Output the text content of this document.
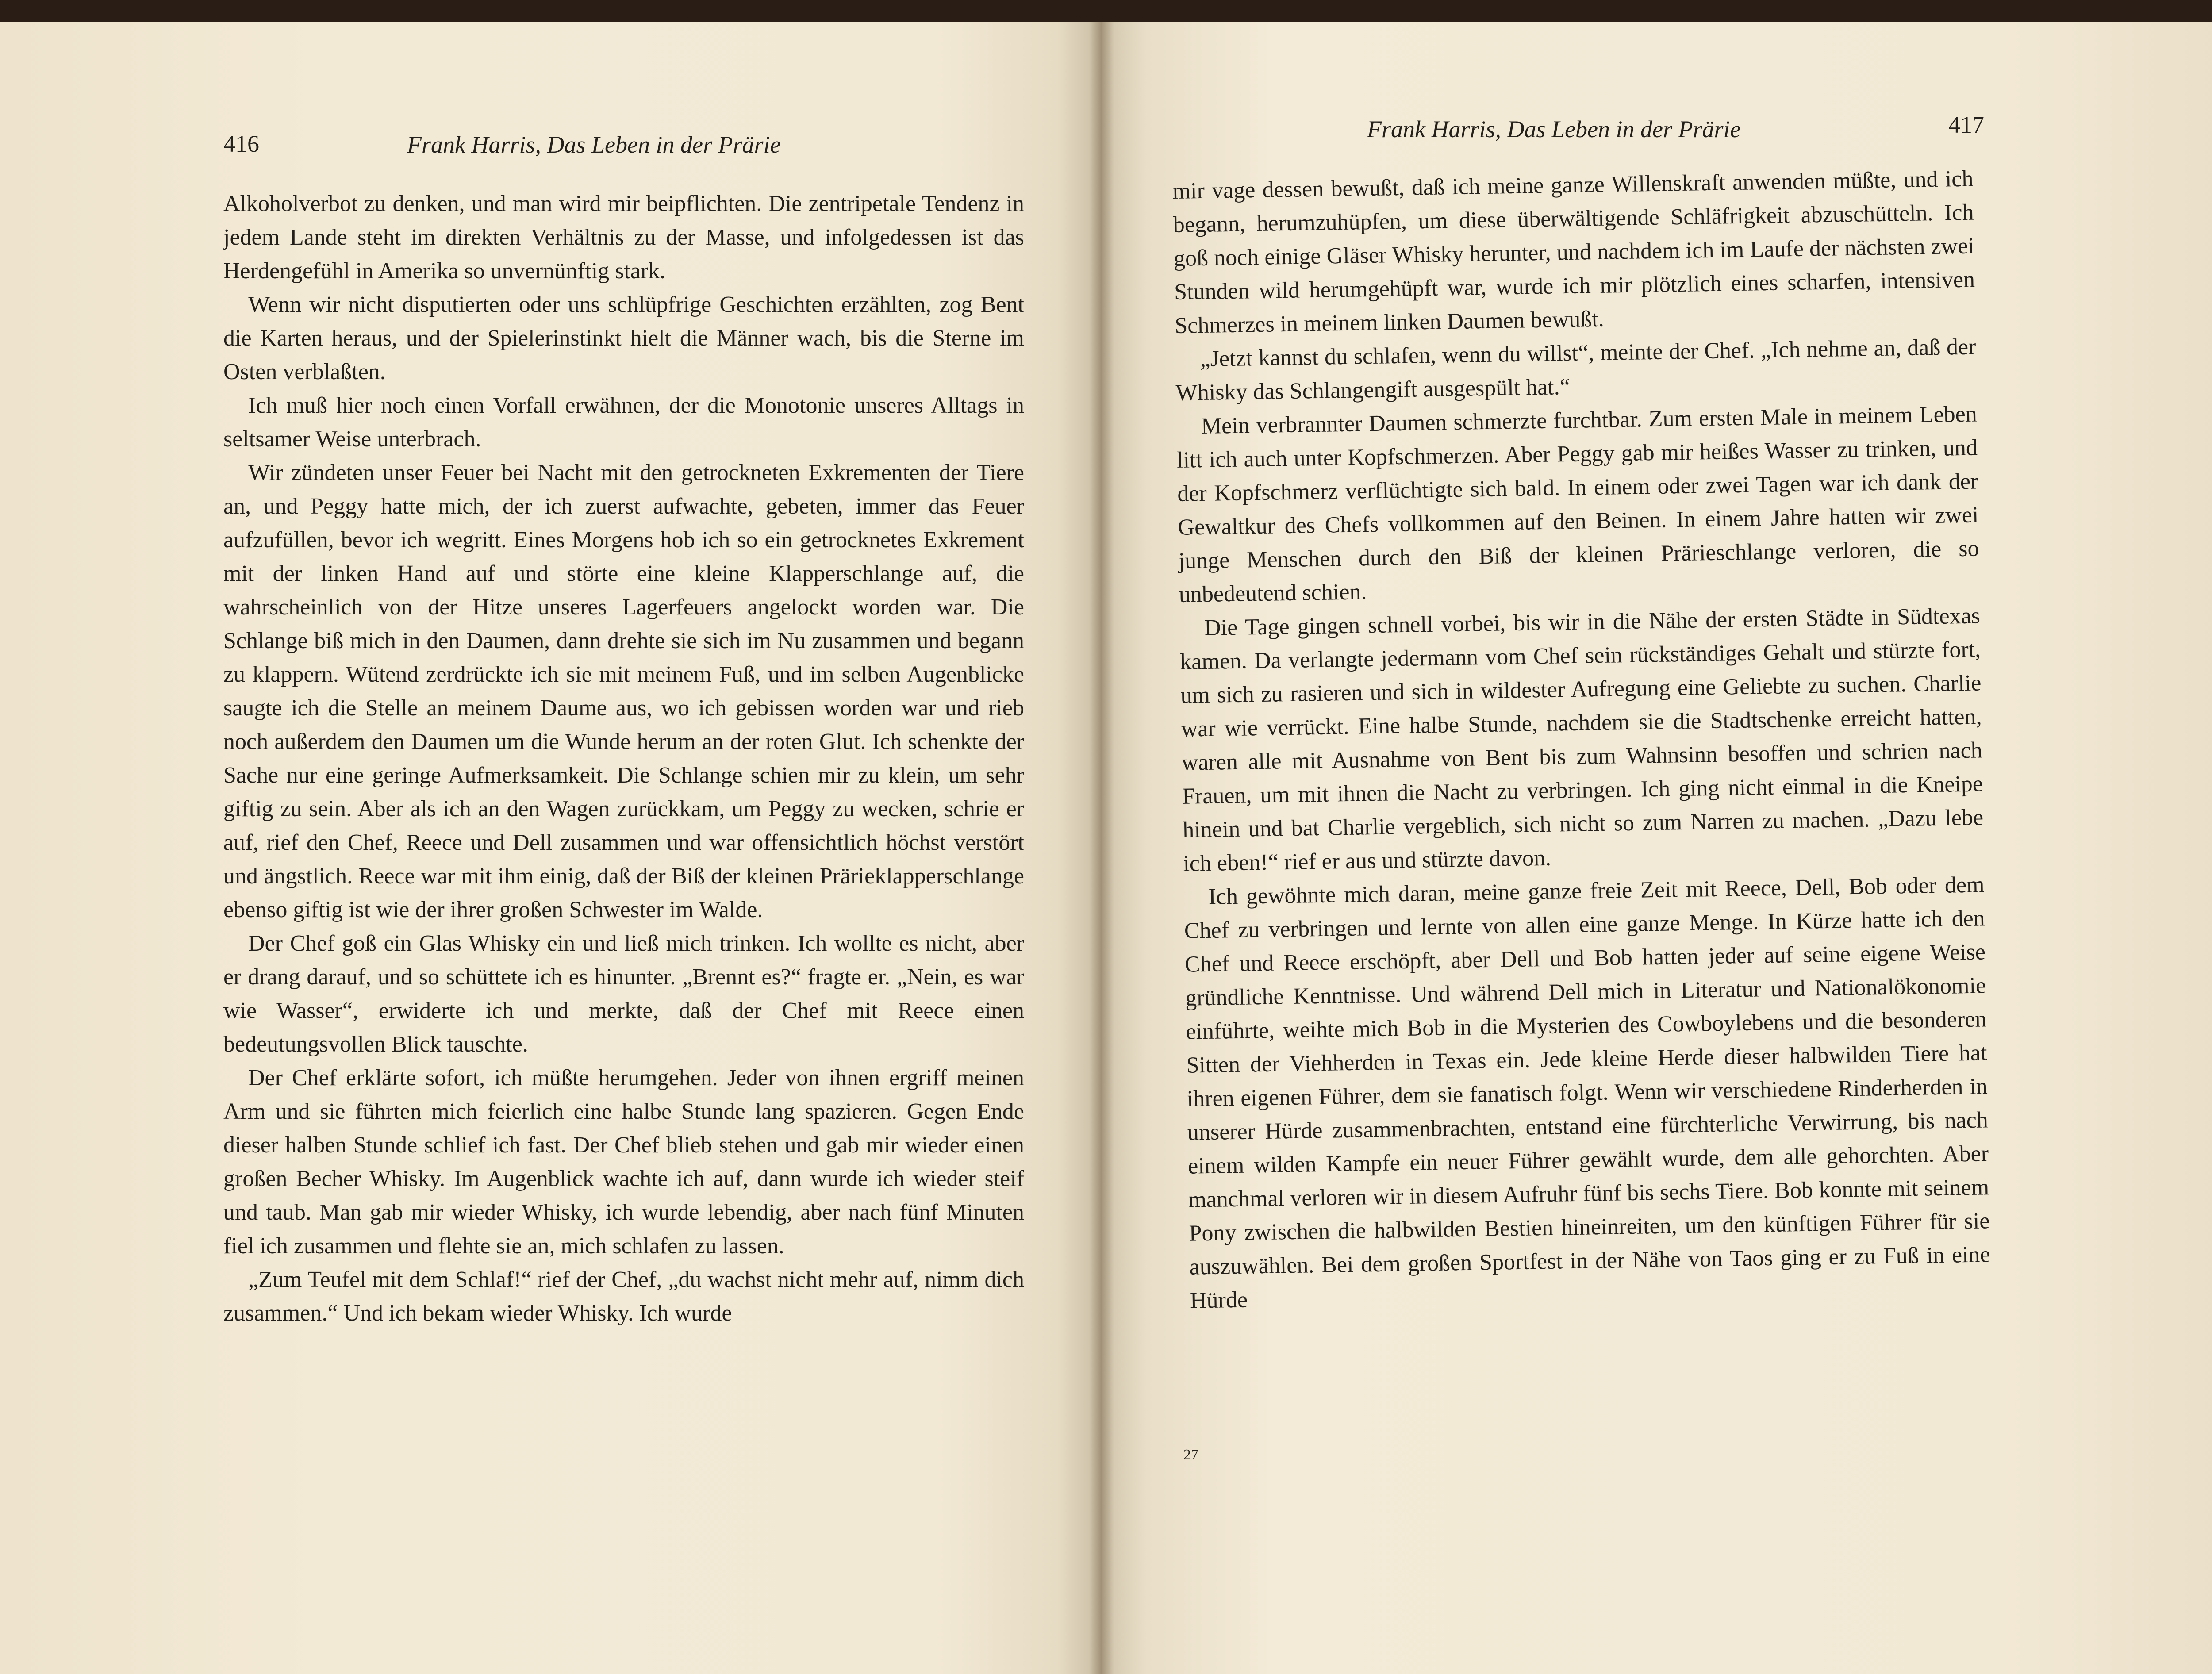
416	Frank Harris, Das Leben in der Prärie

Alkoholverbot zu denken, und man wird mir beipflichten. Die zentripetale Tendenz in jedem Lande steht im direkten Verhältnis zu der Masse, und infolgedessen ist das Herdengefühl in Amerika so unvernünftig stark.

Wenn wir nicht disputierten oder uns schlüpfrige Geschichten erzählten, zog Bent die Karten heraus, und der Spielerinstinkt hielt die Männer wach, bis die Sterne im Osten verblaßten.

Ich muß hier noch einen Vorfall erwähnen, der die Monotonie unseres Alltags in seltsamer Weise unterbrach.

Wir zündeten unser Feuer bei Nacht mit den getrockneten Exkrementen der Tiere an, und Peggy hatte mich, der ich zuerst aufwachte, gebeten, immer das Feuer aufzufüllen, bevor ich wegritt. Eines Morgens hob ich so ein getrocknetes Exkrement mit der linken Hand auf und störte eine kleine Klapperschlange auf, die wahrscheinlich von der Hitze unseres Lagerfeuers angelockt worden war. Die Schlange biß mich in den Daumen, dann drehte sie sich im Nu zusammen und begann zu klappern. Wütend zerdrückte ich sie mit meinem Fuß, und im selben Augenblicke saugte ich die Stelle an meinem Daume aus, wo ich gebissen worden war und rieb noch außerdem den Daumen um die Wunde herum an der roten Glut. Ich schenkte der Sache nur eine geringe Aufmerksamkeit. Die Schlange schien mir zu klein, um sehr giftig zu sein. Aber als ich an den Wagen zurückkam, um Peggy zu wecken, schrie er auf, rief den Chef, Reece und Dell zusammen und war offensichtlich höchst verstört und ängstlich. Reece war mit ihm einig, daß der Biß der kleinen Prärieklapperschlange ebenso giftig ist wie der ihrer großen Schwester im Walde.

Der Chef goß ein Glas Whisky ein und ließ mich trinken. Ich wollte es nicht, aber er drang darauf, und so schüttete ich es hinunter. „Brennt es?“ fragte er. „Nein, es war wie Wasser“, erwiderte ich und merkte, daß der Chef mit Reece einen bedeutungsvollen Blick tauschte.

Der Chef erklärte sofort, ich müßte herumgehen. Jeder von ihnen ergriff meinen Arm und sie führten mich feierlich eine halbe Stunde lang spazieren. Gegen Ende dieser halben Stunde schlief ich fast. Der Chef blieb stehen und gab mir wieder einen großen Becher Whisky. Im Augenblick wachte ich auf, dann wurde ich wieder steif und taub. Man gab mir wieder Whisky, ich wurde lebendig, aber nach fünf Minuten fiel ich zusammen und flehte sie an, mich schlafen zu lassen.

„Zum Teufel mit dem Schlaf!“ rief der Chef, „du wachst nicht mehr auf, nimm dich zusammen.“ Und ich bekam wieder Whisky. Ich wurde

Frank Harris, Das Leben in der Prärie	417

mir vage dessen bewußt, daß ich meine ganze Willenskraft anwenden müßte, und ich begann, herumzuhüpfen, um diese überwältigende Schläfrigkeit abzuschütteln. Ich goß noch einige Gläser Whisky herunter, und nachdem ich im Laufe der nächsten zwei Stunden wild herumgehüpft war, wurde ich mir plötzlich eines scharfen, intensiven Schmerzes in meinem linken Daumen bewußt.

„Jetzt kannst du schlafen, wenn du willst“, meinte der Chef. „Ich nehme an, daß der Whisky das Schlangengift ausgespült hat.“

Mein verbrannter Daumen schmerzte furchtbar. Zum ersten Male in meinem Leben litt ich auch unter Kopfschmerzen. Aber Peggy gab mir heißes Wasser zu trinken, und der Kopfschmerz verflüchtigte sich bald. In einem oder zwei Tagen war ich dank der Gewaltkur des Chefs vollkommen auf den Beinen. In einem Jahre hatten wir zwei junge Menschen durch den Biß der kleinen Prärieschlange verloren, die so unbedeutend schien.

Die Tage gingen schnell vorbei, bis wir in die Nähe der ersten Städte in Südtexas kamen. Da verlangte jedermann vom Chef sein rückständiges Gehalt und stürzte fort, um sich zu rasieren und sich in wildester Aufregung eine Geliebte zu suchen. Charlie war wie verrückt. Eine halbe Stunde, nachdem sie die Stadtschenke erreicht hatten, waren alle mit Ausnahme von Bent bis zum Wahnsinn besoffen und schrien nach Frauen, um mit ihnen die Nacht zu verbringen. Ich ging nicht einmal in die Kneipe hinein und bat Charlie vergeblich, sich nicht so zum Narren zu machen. „Dazu lebe ich eben!“ rief er aus und stürzte davon.

Ich gewöhnte mich daran, meine ganze freie Zeit mit Reece, Dell, Bob oder dem Chef zu verbringen und lernte von allen eine ganze Menge. In Kürze hatte ich den Chef und Reece erschöpft, aber Dell und Bob hatten jeder auf seine eigene Weise gründliche Kenntnisse. Und während Dell mich in Literatur und Nationalökonomie einführte, weihte mich Bob in die Mysterien des Cowboylebens und die besonderen Sitten der Viehherden in Texas ein. Jede kleine Herde dieser halbwilden Tiere hat ihren eigenen Führer, dem sie fanatisch folgt. Wenn wir verschiedene Rinderherden in unserer Hürde zusammenbrachten, entstand eine fürchterliche Verwirrung, bis nach einem wilden Kampfe ein neuer Führer gewählt wurde, dem alle gehorchten. Aber manchmal verloren wir in diesem Aufruhr fünf bis sechs Tiere. Bob konnte mit seinem Pony zwischen die halbwilden Bestien hineinreiten, um den künftigen Führer für sie auszuwählen. Bei dem großen Sportfest in der Nähe von Taos ging er zu Fuß in eine Hürde

27
